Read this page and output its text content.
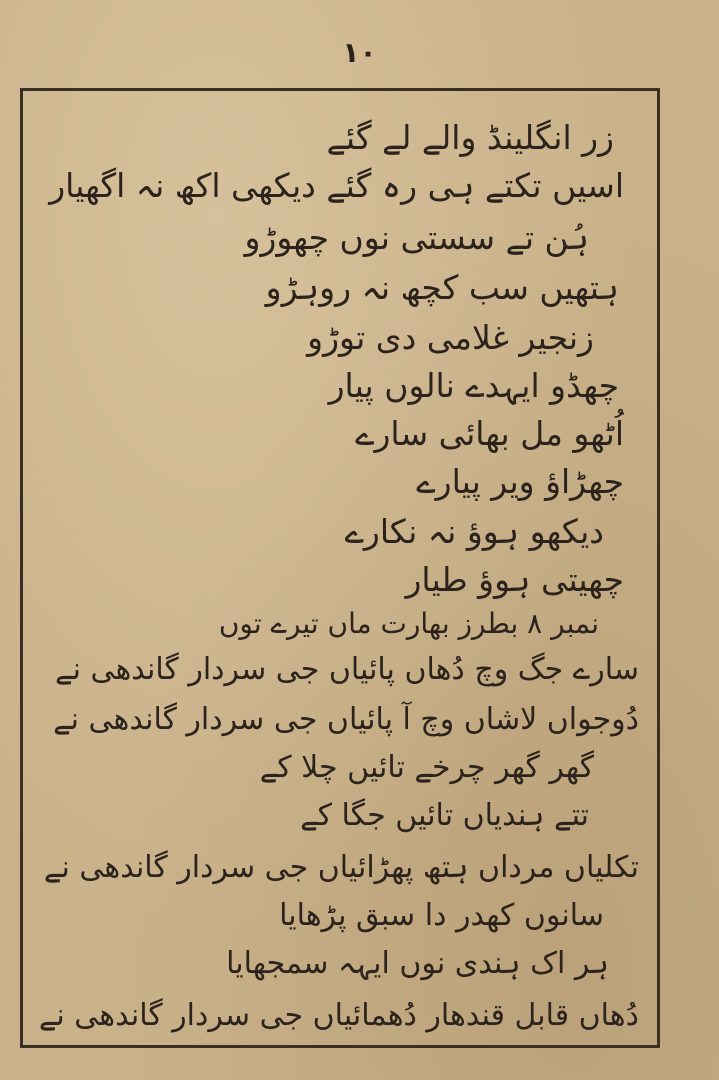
۱۰
زر انگلینڈ والے لے گئے
اسیں تکتے ہی رہ گئے دیکھی اکھ نہ اگھیار
ہُن تے سستی نوں چھوڑو
ہتھیں سب کچھ نہ روہڑو
زنجیر غلامی دی توڑو
چھڈو ایہدے نالوں پیار
اُٹھو مل بھائی سارے
چھڑاؤ ویر پیارے
دیکھو ہوؤ نہ نکارے
چھیتی ہوؤ طیار
نمبر ۸ بطرز بھارت ماں تیرے توں
سارے جگ وچ دُھاں پائیاں جی سردار گاندھی نے
دُوجواں لاشاں وچ آ پائیاں جی سردار گاندھی نے
گھر گھر چرخے تائیں چلا کے
تتے ہندیاں تائیں جگا کے
تکلیاں مرداں ہتھ پھڑائیاں جی سردار گاندھی نے
سانوں کھدر دا سبق پڑھایا
ہر اک ہندی نوں ایہہ سمجھایا
دُھاں قابل قندھار دُھمائیاں جی سردار گاندھی نے
